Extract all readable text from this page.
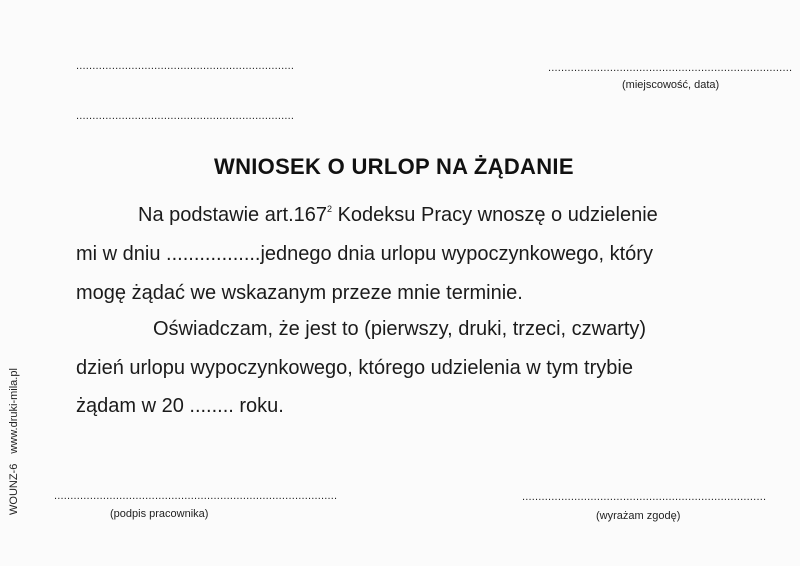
...................................................................
...................................................................
...........................................................................
(miejscowość, data)
WNIOSEK O URLOP NA ŻĄDANIE
Na podstawie art.167$^2$ Kodeksu Pracy wnoszę o udzielenie
mi w dniu .................jednego dnia urlopu wypoczynkowego, który
mogę żądać we wskazanym przeze mnie terminie.
Oświadczam, że jest to (pierwszy, druki, trzeci, czwarty)
dzień urlopu wypoczynkowego, którego udzielenia w tym trybie
żądam w 20 ........ roku.
.......................................................................................
(podpis pracownika)
...........................................................................
(wyrażam zgodę)
WOUNZ-6www.druki-mila.pl
